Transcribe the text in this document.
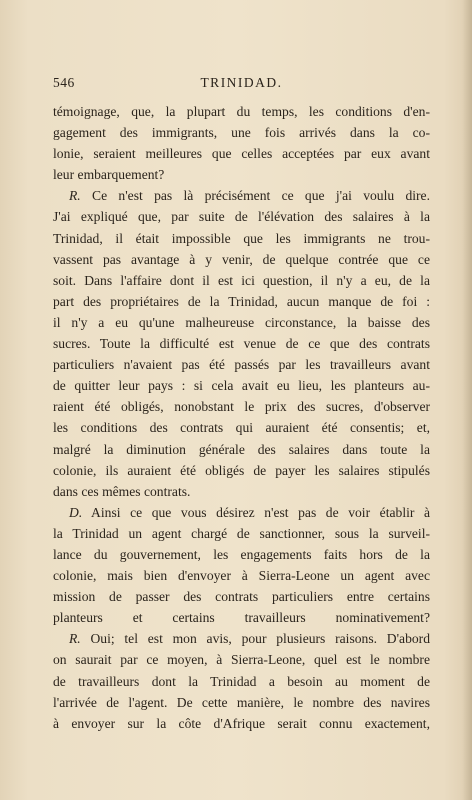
546	TRINIDAD.
témoignage, que, la plupart du temps, les conditions d'en-
gagement des immigrants, une fois arrivés dans la co-
lonie, seraient meilleures que celles acceptées par eux avant
leur embarquement?
R. Ce n'est pas là précisément ce que j'ai voulu dire.
J'ai expliqué que, par suite de l'élévation des salaires à la
Trinidad, il était impossible que les immigrants ne trou-
vassent pas avantage à y venir, de quelque contrée que ce
soit. Dans l'affaire dont il est ici question, il n'y a eu, de la
part des propriétaires de la Trinidad, aucun manque de foi :
il n'y a eu qu'une malheureuse circonstance, la baisse des
sucres. Toute la difficulté est venue de ce que des contrats
particuliers n'avaient pas été passés par les travailleurs avant
de quitter leur pays : si cela avait eu lieu, les planteurs au-
raient été obligés, nonobstant le prix des sucres, d'observer
les conditions des contrats qui auraient été consentis; et,
malgré la diminution générale des salaires dans toute la
colonie, ils auraient été obligés de payer les salaires stipulés
dans ces mêmes contrats.
D. Ainsi ce que vous désirez n'est pas de voir établir à
la Trinidad un agent chargé de sanctionner, sous la surveil-
lance du gouvernement, les engagements faits hors de la
colonie, mais bien d'envoyer à Sierra-Leone un agent avec
mission de passer des contrats particuliers entre certains
planteurs et certains travailleurs nominativement?
R. Oui; tel est mon avis, pour plusieurs raisons. D'abord
on saurait par ce moyen, à Sierra-Leone, quel est le nombre
de travailleurs dont la Trinidad a besoin au moment de
l'arrivée de l'agent. De cette manière, le nombre des navires
à envoyer sur la côte d'Afrique serait connu exactement,
